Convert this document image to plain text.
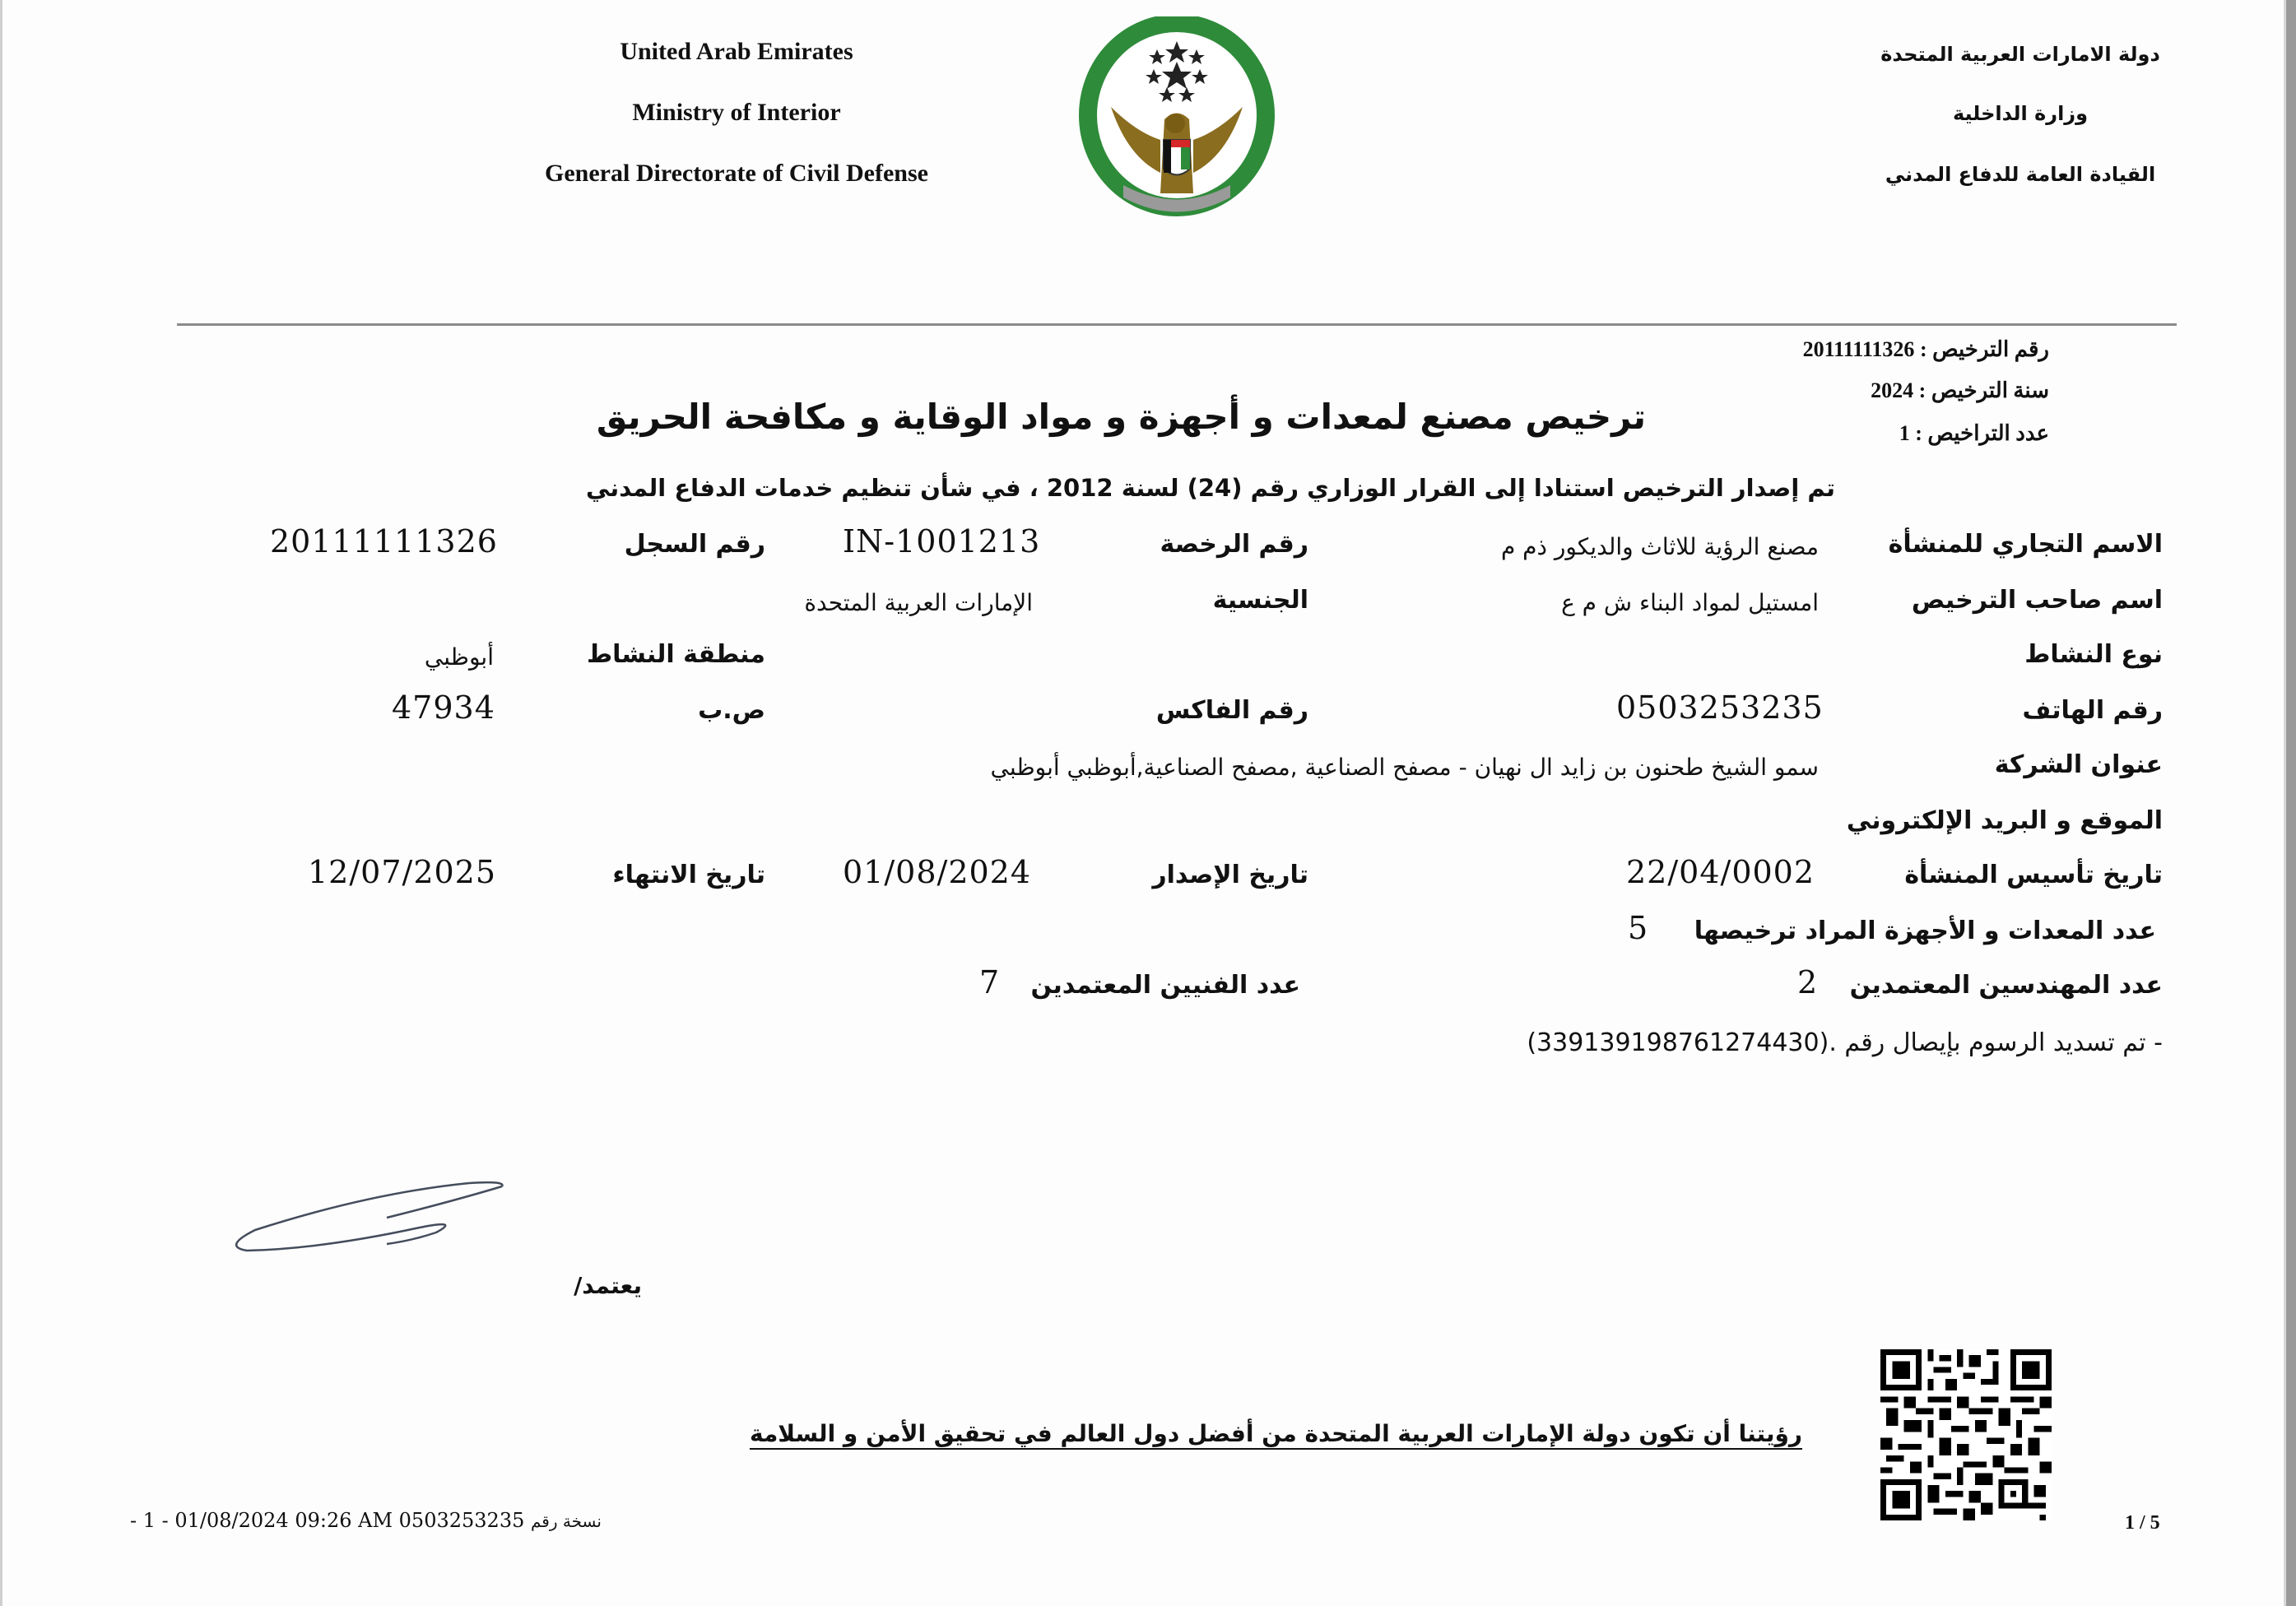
United Arab Emirates
Ministry of Interior
General Directorate of Civil Defense
دولة الامارات العربية المتحدة
وزارة الداخلية
القيادة العامة للدفاع المدني
رقم الترخيص : 20111111326
سنة الترخيص : 2024
عدد التراخيص : 1
ترخيص مصنع لمعدات و أجهزة و مواد الوقاية و مكافحة الحريق
تم إصدار الترخيص استنادا إلى القرار الوزاري رقم (24) لسنة 2012 ، في شأن تنظيم خدمات الدفاع المدني
الاسم التجاري للمنشأة
مصنع الرؤية للاثاث والديكور ذم م
رقم الرخصة
IN-1001213
رقم السجل
20111111326
اسم صاحب الترخيص
امستيل لمواد البناء ش م ع
الجنسية
الإمارات العربية المتحدة
نوع النشاط
منطقة النشاط
أبوظبي
رقم الهاتف
0503253235
رقم الفاكس
ص.ب
47934
عنوان الشركة
سمو الشيخ طحنون بن زايد ال نهيان - مصفح الصناعية ,مصفح الصناعية,أبوظبي أبوظبي
الموقع و البريد الإلكتروني
تاريخ تأسيس المنشأة
22/04/0002
تاريخ الإصدار
01/08/2024
تاريخ الانتهاء
12/07/2025
عدد المعدات و الأجهزة المراد ترخيصها
5
عدد المهندسين المعتمدين
2
عدد الفنيين المعتمدين
7
- تم تسديد الرسوم بإيصال رقم .(339139198761274430)
يعتمد/
رؤيتنا أن تكون دولة الإمارات العربية المتحدة من أفضل دول العالم في تحقيق الأمن و السلامة
- 1 - 01/08/2024 09:26 AM 0503253235 نسخة رقم	1 / 5
